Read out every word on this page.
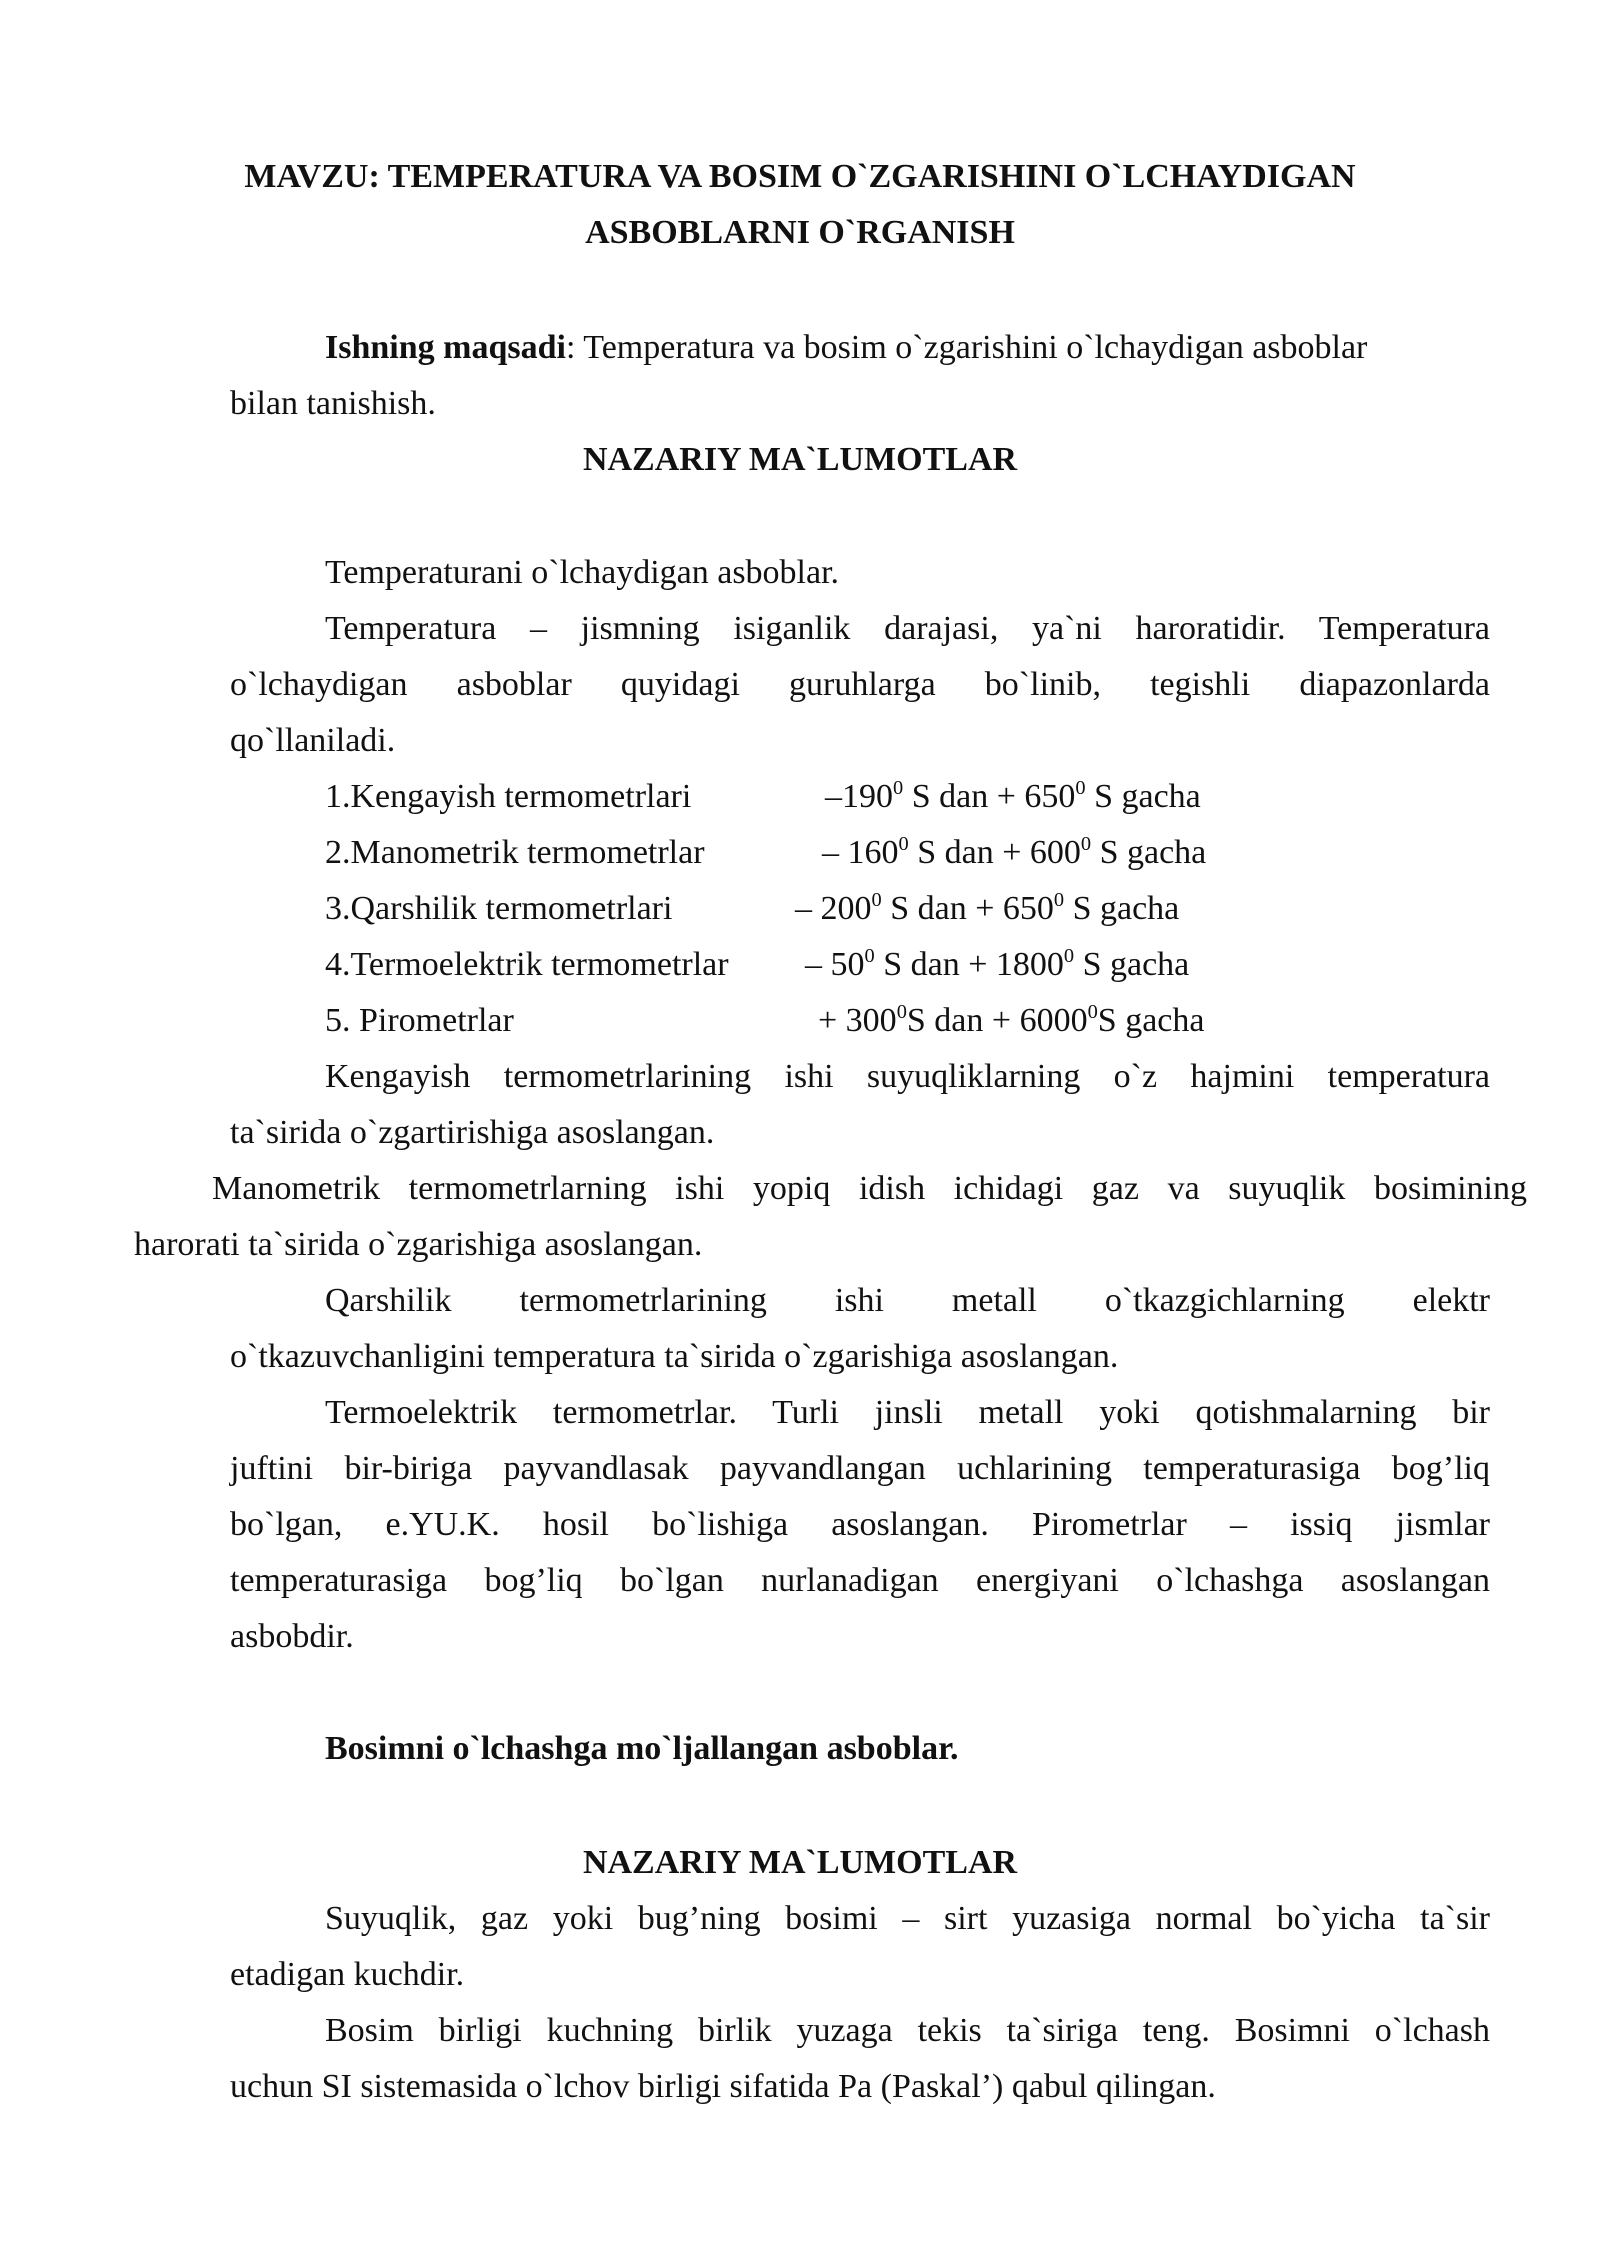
MAVZU: TEMPERATURA VA BOSIM O`ZGARISHINI O`LCHAYDIGAN
ASBOBLARNI O`RGANISH
Ishning maqsadi: Temperatura va bosim o`zgarishini o`lchaydigan asboblar
bilan tanishish.
NAZARIY MA`LUMOTLAR
Temperaturani o`lchaydigan asboblar.
Temperatura – jismning isiganlik darajasi, ya`ni haroratidir. Temperatura
o`lchaydigan asboblar quyidagi guruhlarga bo`linib, tegishli diapazonlarda
qo`llaniladi.
1.Kengayish termometrlari	$-190^0$ S dan + $650^0$ S gacha
2.Manometrik termometrlar	– $160^0$ S dan + $600^0$ S gacha
3.Qarshilik termometrlari	– $200^0$ S dan + $650^0$ S gacha
4.Termoelektrik termometrlar – $50^0$ S dan + $1800^0$ S gacha
5. Pirometrlar	+ $300^0S$ dan + $6000^0S$ gacha
Kengayish termometrlarining ishi suyuqliklarning o`z hajmini temperatura
ta`sirida o`zgartirishiga asoslangan.
Manometrik termometrlarning ishi yopiq idish ichidagi gaz va suyuqlik bosimining
harorati ta`sirida o`zgarishiga asoslangan.
Qarshilik termometrlarining ishi metall o`tkazgichlarning elektr
o`tkazuvchanligini temperatura ta`sirida o`zgarishiga asoslangan.
Termoelektrik termometrlar. Turli jinsli metall yoki qotishmalarning bir
juftini bir-biriga payvandlasak payvandlangan uchlarining temperaturasiga bog’liq
bo`lgan, e.YU.K. hosil bo`lishiga asoslangan. Pirometrlar – issiq jismlar
temperaturasiga bog’liq bo`lgan nurlanadigan energiyani o`lchashga asoslangan
asbobdir.
Bosimni o`lchashga mo`ljallangan asboblar.
NAZARIY MA`LUMOTLAR
Suyuqlik, gaz yoki bug’ning bosimi – sirt yuzasiga normal bo`yicha ta`sir
etadigan kuchdir.
Bosim birligi kuchning birlik yuzaga tekis ta`siriga teng. Bosimni o`lchash
uchun SI sistemasida o`lchov birligi sifatida Pa (Paskal’) qabul qilingan.
